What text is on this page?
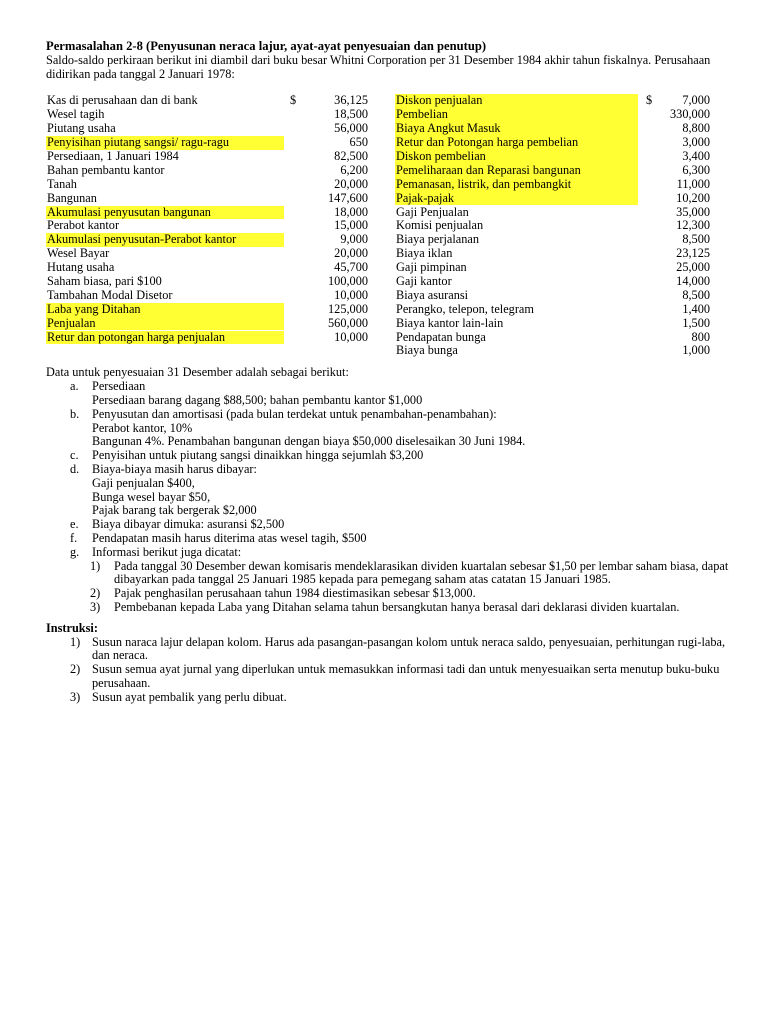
Permasalahan 2-8 (Penyusunan neraca lajur, ayat-ayat penyesuaian dan penutup)
Saldo-saldo perkiraan berikut ini diambil dari buku besar Whitni Corporation per 31 Desember 1984 akhir tahun fiskalnya. Perusahaan didirikan pada tanggal 2 Januari 1978:
Kas di perusahaan dan di bank	$	36,125
Wesel tagih	18,500
Piutang usaha	56,000
Penyisihan piutang sangsi/ ragu-ragu	650
Persediaan, 1 Januari 1984	82,500
Bahan pembantu kantor	6,200
Tanah	20,000
Bangunan	147,600
Akumulasi penyusutan bangunan	18,000
Perabot kantor	15,000
Akumulasi penyusutan-Perabot kantor	9,000
Wesel Bayar	20,000
Hutang usaha	45,700
Saham biasa, pari $100	100,000
Tambahan Modal Disetor	10,000
Laba yang Ditahan	125,000
Penjualan	560,000
Retur dan potongan harga penjualan	10,000
Diskon penjualan	$ 7,000
Pembelian	330,000
Biaya Angkut Masuk	8,800
Retur dan Potongan harga pembelian	3,000
Diskon pembelian	3,400
Pemeliharaan dan Reparasi bangunan	6,300
Pemanasan, listrik, dan pembangkit	11,000
Pajak-pajak	10,200
Gaji Penjualan	35,000
Komisi penjualan	12,300
Biaya perjalanan	8,500
Biaya iklan	23,125
Gaji pimpinan	25,000
Gaji kantor	14,000
Biaya asuransi	8,500
Perangko, telepon, telegram	1,400
Biaya kantor lain-lain	1,500
Pendapatan bunga	800
Biaya bunga	1,000
Data untuk penyesuaian 31 Desember adalah sebagai berikut:
a. Persediaan
Persediaan barang dagang $88,500; bahan pembantu kantor $1,000
b. Penyusutan dan amortisasi (pada bulan terdekat untuk penambahan-penambahan):
Perabot kantor, 10%
Bangunan 4%. Penambahan bangunan dengan biaya $50,000 diselesaikan 30 Juni 1984.
c. Penyisihan untuk piutang sangsi dinaikkan hingga sejumlah $3,200
d. Biaya-biaya masih harus dibayar:
Gaji penjualan $400,
Bunga wesel bayar $50,
Pajak barang tak bergerak $2,000
e. Biaya dibayar dimuka: asuransi $2,500
f. Pendapatan masih harus diterima atas wesel tagih, $500
g. Informasi berikut juga dicatat:
1) Pada tanggal 30 Desember dewan komisaris mendeklarasikan dividen kuartalan sebesar $1,50 per lembar saham biasa, dapat dibayarkan pada tanggal 25 Januari 1985 kepada para pemegang saham atas catatan 15 Januari 1985.
2) Pajak penghasilan perusahaan tahun 1984 diestimasikan sebesar $13,000.
3) Pembebanan kepada Laba yang Ditahan selama tahun bersangkutan hanya berasal dari deklarasi dividen kuartalan.
Instruksi:
1) Susun naraca lajur delapan kolom. Harus ada pasangan-pasangan kolom untuk neraca saldo, penyesuaian, perhitungan rugi-laba, dan neraca.
2) Susun semua ayat jurnal yang diperlukan untuk memasukkan informasi tadi dan untuk menyesuaikan serta menutup buku-buku perusahaan.
3) Susun ayat pembalik yang perlu dibuat.
